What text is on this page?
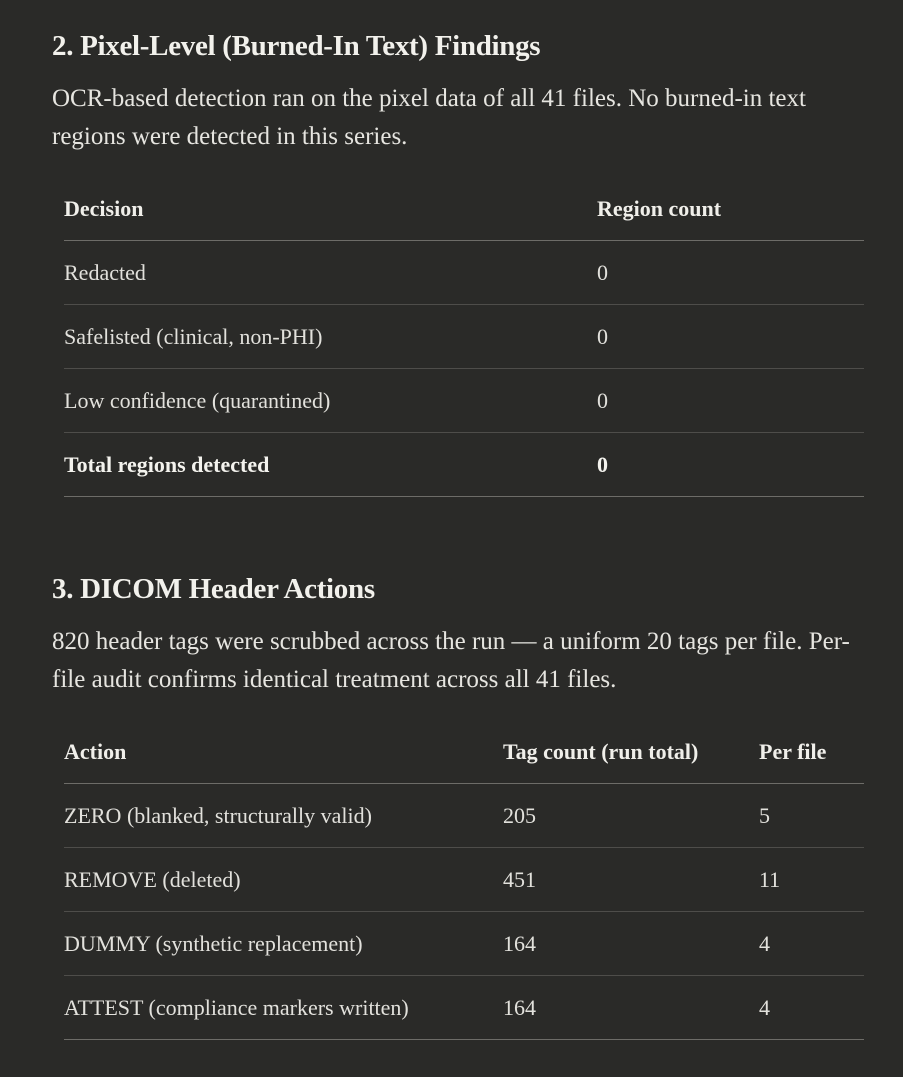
2. Pixel-Level (Burned-In Text) Findings

OCR-based detection ran on the pixel data of all 41 files. No burned-in text regions were detected in this series.

Decision	Region count
Redacted	0
Safelisted (clinical, non-PHI)	0
Low confidence (quarantined)	0
Total regions detected	0
3. DICOM Header Actions

820 header tags were scrubbed across the run — a uniform 20 tags per file. Per-file audit confirms identical treatment across all 41 files.

Action	Tag count (run total)	Per file
ZERO (blanked, structurally valid)	205	5
REMOVE (deleted)	451	11
DUMMY (synthetic replacement)	164	4
ATTEST (compliance markers written)	164	4
